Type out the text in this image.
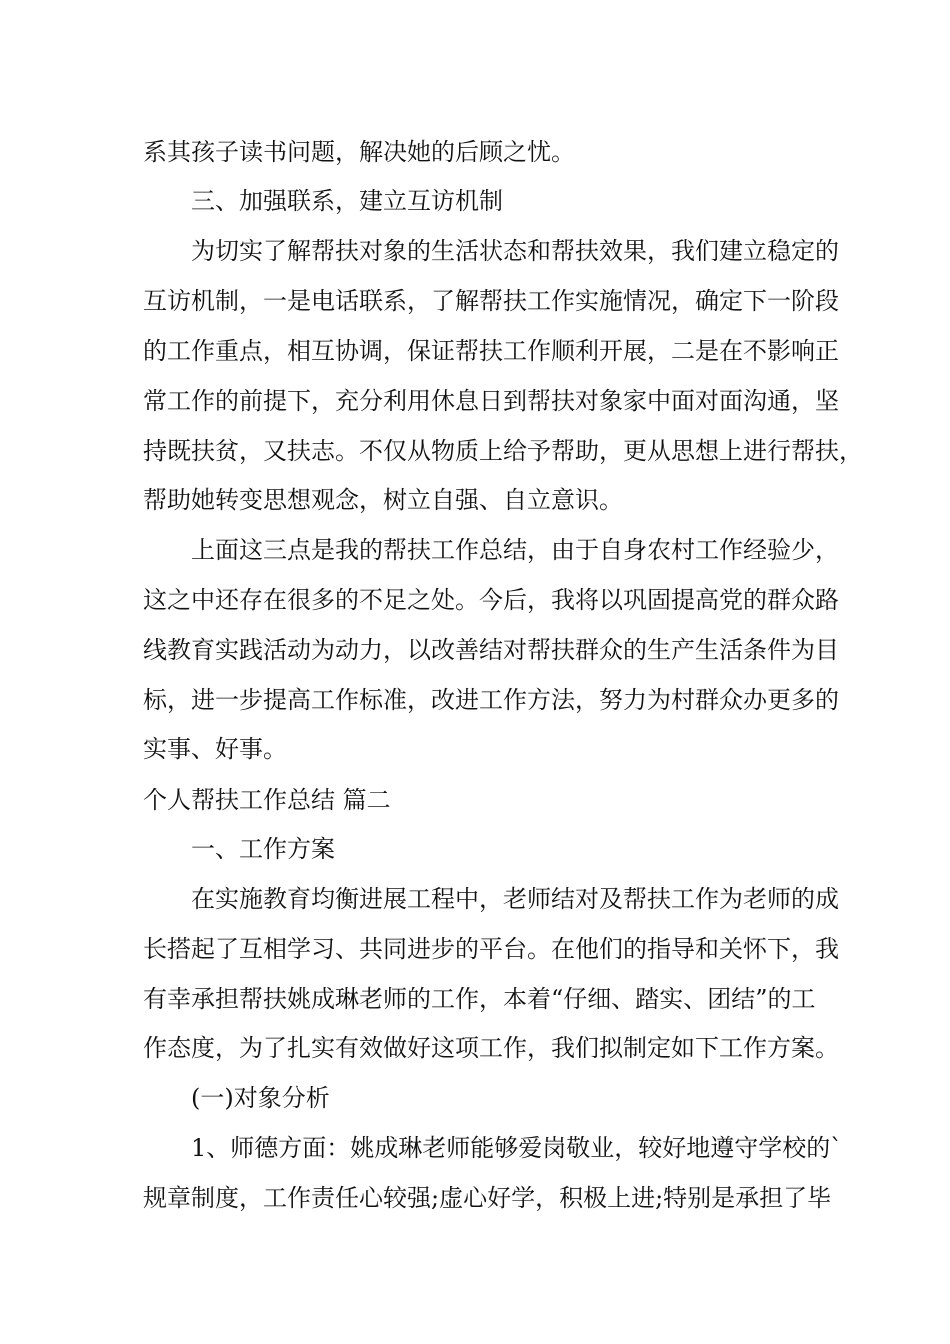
系其孩子读书问题，解决她的后顾之忧。
三、加强联系，建立互访机制
为切实了解帮扶对象的生活状态和帮扶效果，我们建立稳定的
互访机制，一是电话联系，了解帮扶工作实施情况，确定下一阶段
的工作重点，相互协调，保证帮扶工作顺利开展，二是在不影响正
常工作的前提下，充分利用休息日到帮扶对象家中面对面沟通，坚
持既扶贫，又扶志。不仅从物质上给予帮助，更从思想上进行帮扶，
帮助她转变思想观念，树立自强、自立意识。
上面这三点是我的帮扶工作总结，由于自身农村工作经验少，
这之中还存在很多的不足之处。今后，我将以巩固提高党的群众路
线教育实践活动为动力，以改善结对帮扶群众的生产生活条件为目
标，进一步提高工作标准，改进工作方法，努力为村群众办更多的
实事、好事。
个人帮扶工作总结 篇二
一、工作方案
在实施教育均衡进展工程中，老师结对及帮扶工作为老师的成
长搭起了互相学习、共同进步的平台。在他们的指导和关怀下，我
有幸承担帮扶姚成琳老师的工作，本着“仔细、踏实、团结”的工
作态度，为了扎实有效做好这项工作，我们拟制定如下工作方案。
(一)对象分析
1、师德方面：姚成琳老师能够爱岗敬业，较好地遵守学校的`
规章制度，工作责任心较强;虚心好学，积极上进;特别是承担了毕
